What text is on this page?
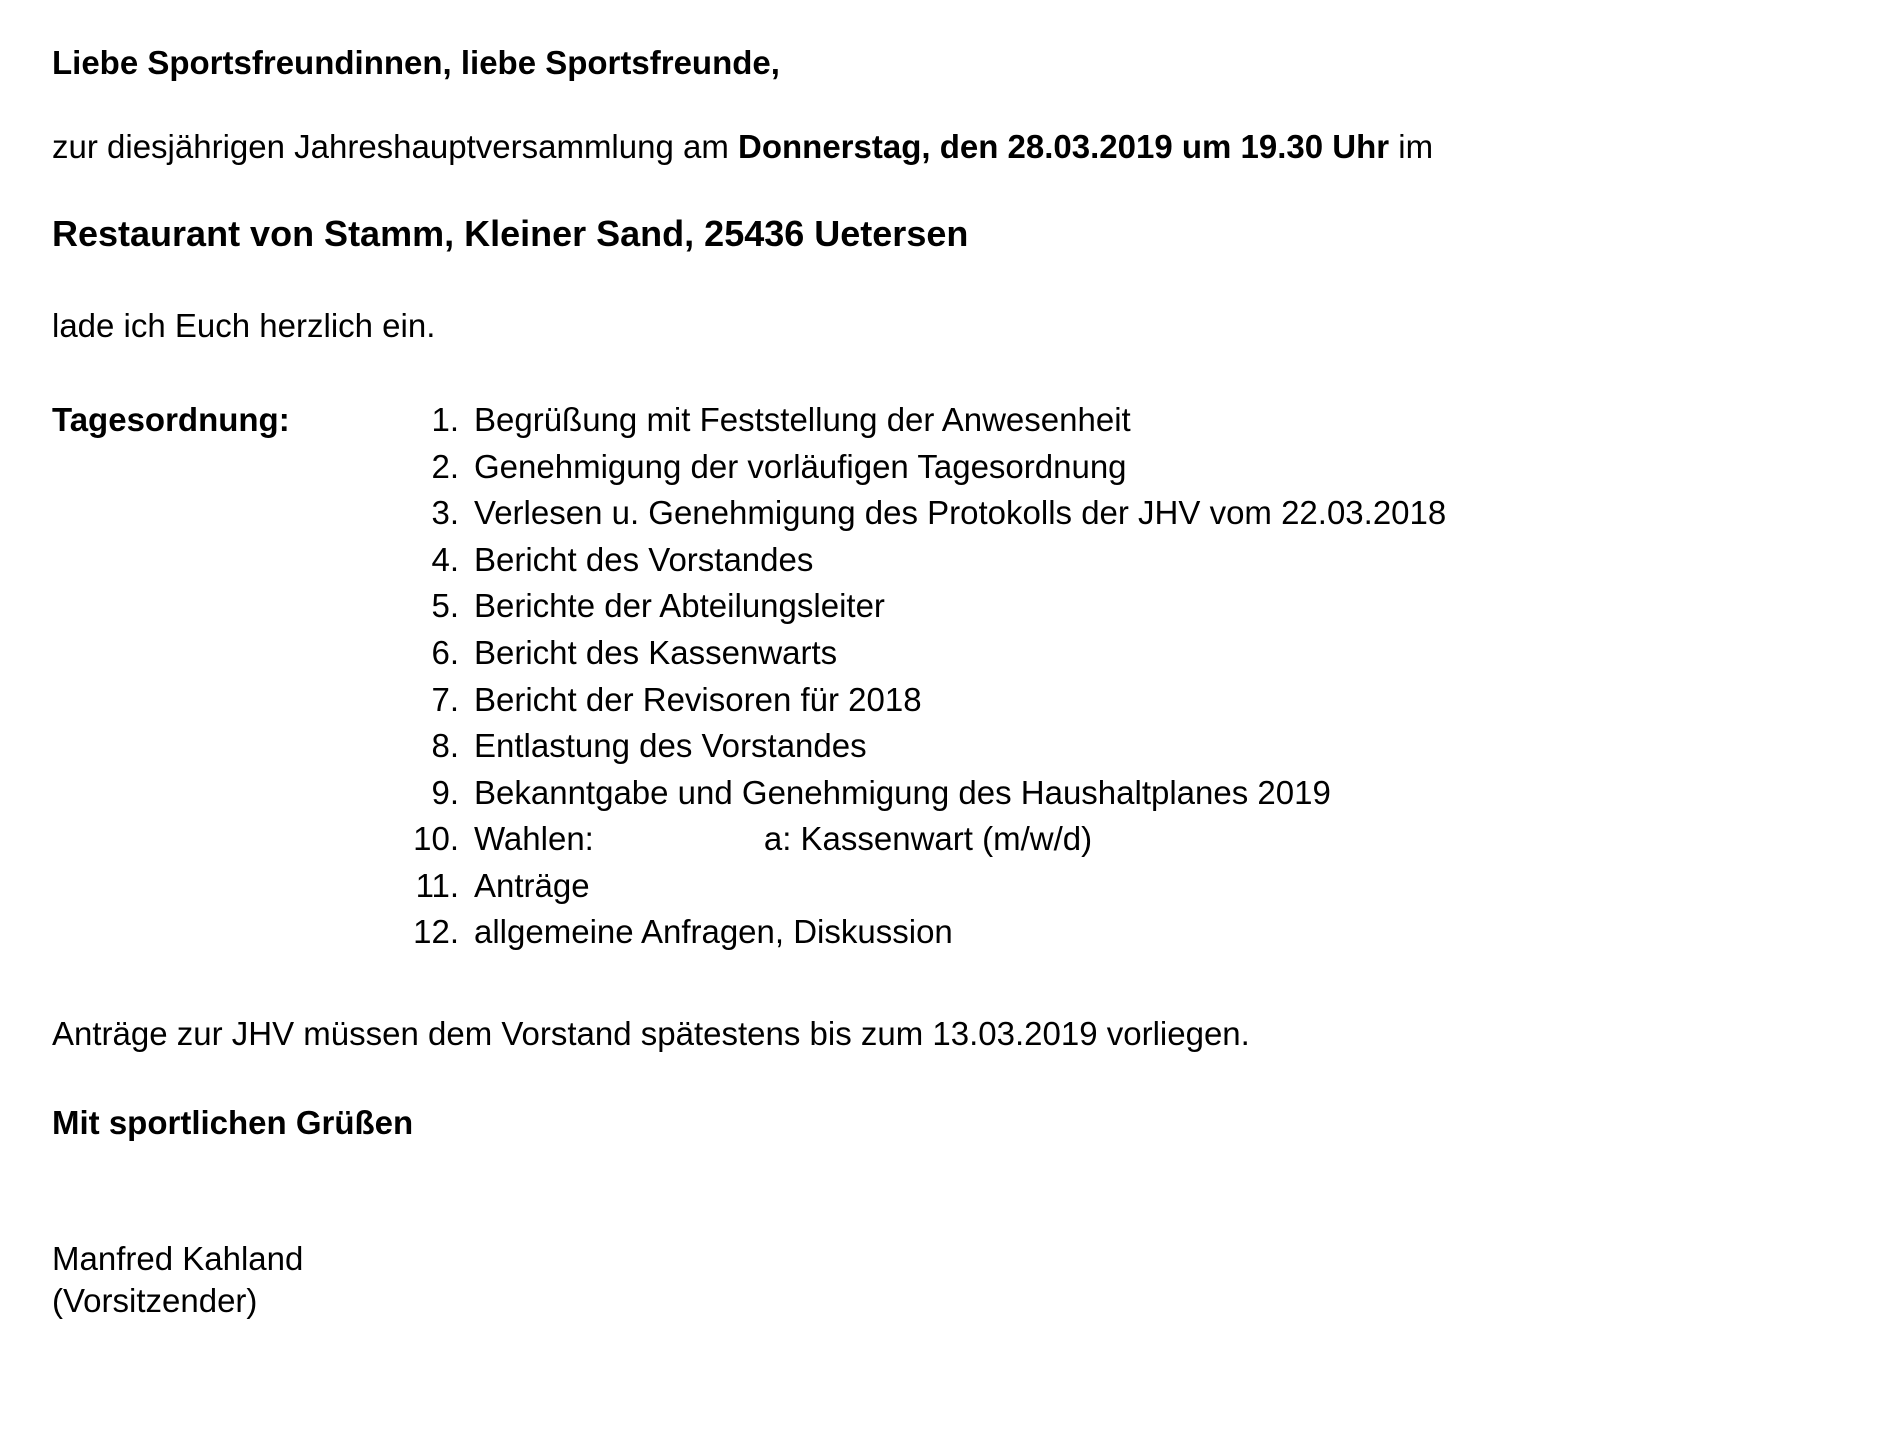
Liebe Sportsfreundinnen, liebe Sportsfreunde,
zur diesjährigen Jahreshauptversammlung am Donnerstag, den 28.03.2019 um 19.30 Uhr im
Restaurant von Stamm, Kleiner Sand, 25436 Uetersen
lade ich Euch herzlich ein.
Tagesordnung:	1. Begrüßung mit Feststellung der Anwesenheit
2. Genehmigung der vorläufigen Tagesordnung
3. Verlesen u. Genehmigung des Protokolls der JHV vom 22.03.2018
4. Bericht des Vorstandes
5. Berichte der Abteilungsleiter
6. Bericht des Kassenwarts
7. Bericht der Revisoren für 2018
8. Entlastung des Vorstandes
9. Bekanntgabe und Genehmigung des Haushaltplanes 2019
10. Wahlen:	a: Kassenwart (m/w/d)
11. Anträge
12. allgemeine Anfragen, Diskussion
Anträge zur JHV müssen dem Vorstand spätestens bis zum 13.03.2019 vorliegen.
Mit sportlichen Grüßen
Manfred Kahland
(Vorsitzender)
